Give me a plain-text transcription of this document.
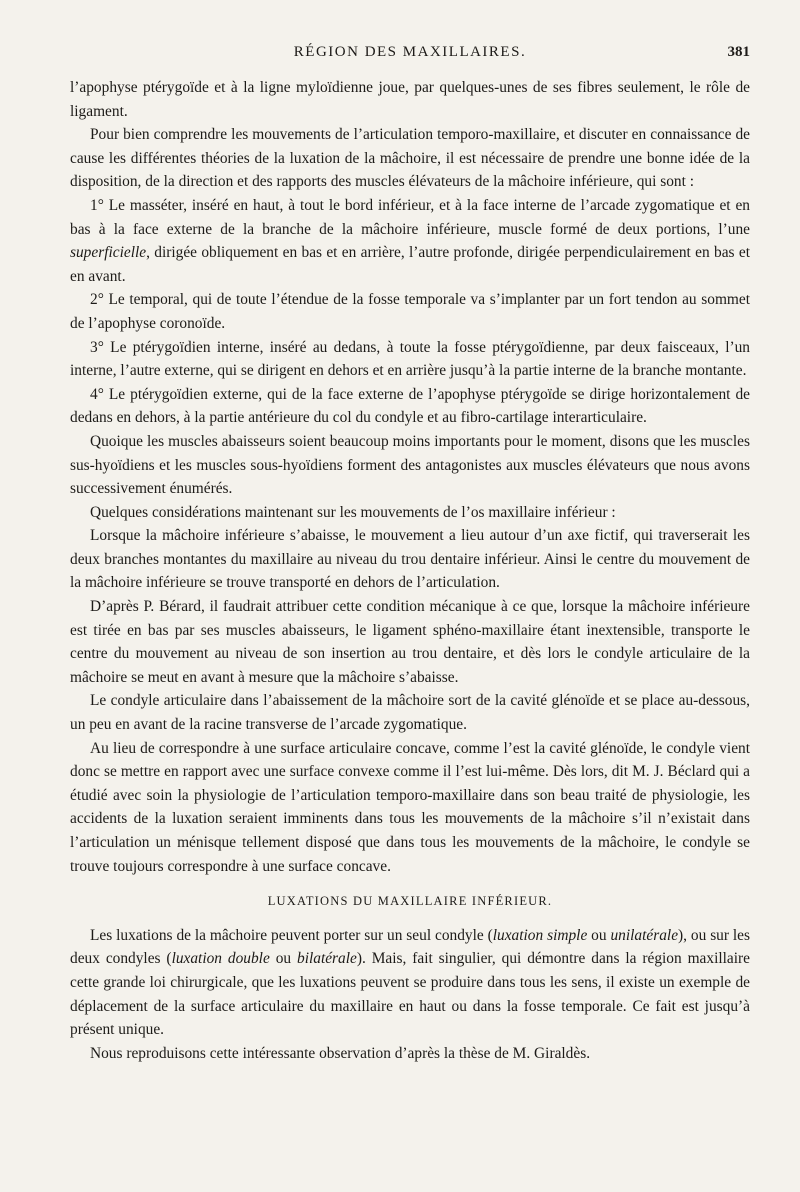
RÉGION DES MAXILLAIRES.	381

l’apophyse ptérygoïde et à la ligne myloïdienne joue, par quelques-unes de ses fibres seulement, le rôle de ligament.

Pour bien comprendre les mouvements de l’articulation temporo-maxillaire, et discuter en connaissance de cause les différentes théories de la luxation de la mâchoire, il est nécessaire de prendre une bonne idée de la disposition, de la direction et des rapports des muscles élévateurs de la mâchoire inférieure, qui sont :

1° Le masséter, inséré en haut, à tout le bord inférieur, et à la face interne de l’arcade zygomatique et en bas à la face externe de la branche de la mâchoire inférieure, muscle formé de deux portions, l’une superficielle, dirigée obliquement en bas et en arrière, l’autre profonde, dirigée perpendiculairement en bas et en avant.

2° Le temporal, qui de toute l’étendue de la fosse temporale va s’implanter par un fort tendon au sommet de l’apophyse coronoïde.

3° Le ptérygoïdien interne, inséré au dedans, à toute la fosse ptérygoïdienne, par deux faisceaux, l’un interne, l’autre externe, qui se dirigent en dehors et en arrière jusqu’à la partie interne de la branche montante.

4° Le ptérygoïdien externe, qui de la face externe de l’apophyse ptérygoïde se dirige horizontalement de dedans en dehors, à la partie antérieure du col du condyle et au fibro-cartilage interarticulaire.

Quoique les muscles abaisseurs soient beaucoup moins importants pour le moment, disons que les muscles sus-hyoïdiens et les muscles sous-hyoïdiens forment des antagonistes aux muscles élévateurs que nous avons successivement énumérés.

Quelques considérations maintenant sur les mouvements de l’os maxillaire inférieur :

Lorsque la mâchoire inférieure s’abaisse, le mouvement a lieu autour d’un axe fictif, qui traverserait les deux branches montantes du maxillaire au niveau du trou dentaire inférieur. Ainsi le centre du mouvement de la mâchoire inférieure se trouve transporté en dehors de l’articulation.

D’après P. Bérard, il faudrait attribuer cette condition mécanique à ce que, lorsque la mâchoire inférieure est tirée en bas par ses muscles abaisseurs, le ligament sphéno-maxillaire étant inextensible, transporte le centre du mouvement au niveau de son insertion au trou dentaire, et dès lors le condyle articulaire de la mâchoire se meut en avant à mesure que la mâchoire s’abaisse.

Le condyle articulaire dans l’abaissement de la mâchoire sort de la cavité glénoïde et se place au-dessous, un peu en avant de la racine transverse de l’arcade zygomatique.

Au lieu de correspondre à une surface articulaire concave, comme l’est la cavité glénoïde, le condyle vient donc se mettre en rapport avec une surface convexe comme il l’est lui-même. Dès lors, dit M. J. Béclard qui a étudié avec soin la physiologie de l’articulation temporo-maxillaire dans son beau traité de physiologie, les accidents de la luxation seraient imminents dans tous les mouvements de la mâchoire s’il n’existait dans l’articulation un ménisque tellement disposé que dans tous les mouvements de la mâchoire, le condyle se trouve toujours correspondre à une surface concave.

LUXATIONS DU MAXILLAIRE INFÉRIEUR.

Les luxations de la mâchoire peuvent porter sur un seul condyle (luxation simple ou unilatérale), ou sur les deux condyles (luxation double ou bilatérale). Mais, fait singulier, qui démontre dans la région maxillaire cette grande loi chirurgicale, que les luxations peuvent se produire dans tous les sens, il existe un exemple de déplacement de la surface articulaire du maxillaire en haut ou dans la fosse temporale. Ce fait est jusqu’à présent unique.

Nous reproduisons cette intéressante observation d’après la thèse de M. Giraldès.
